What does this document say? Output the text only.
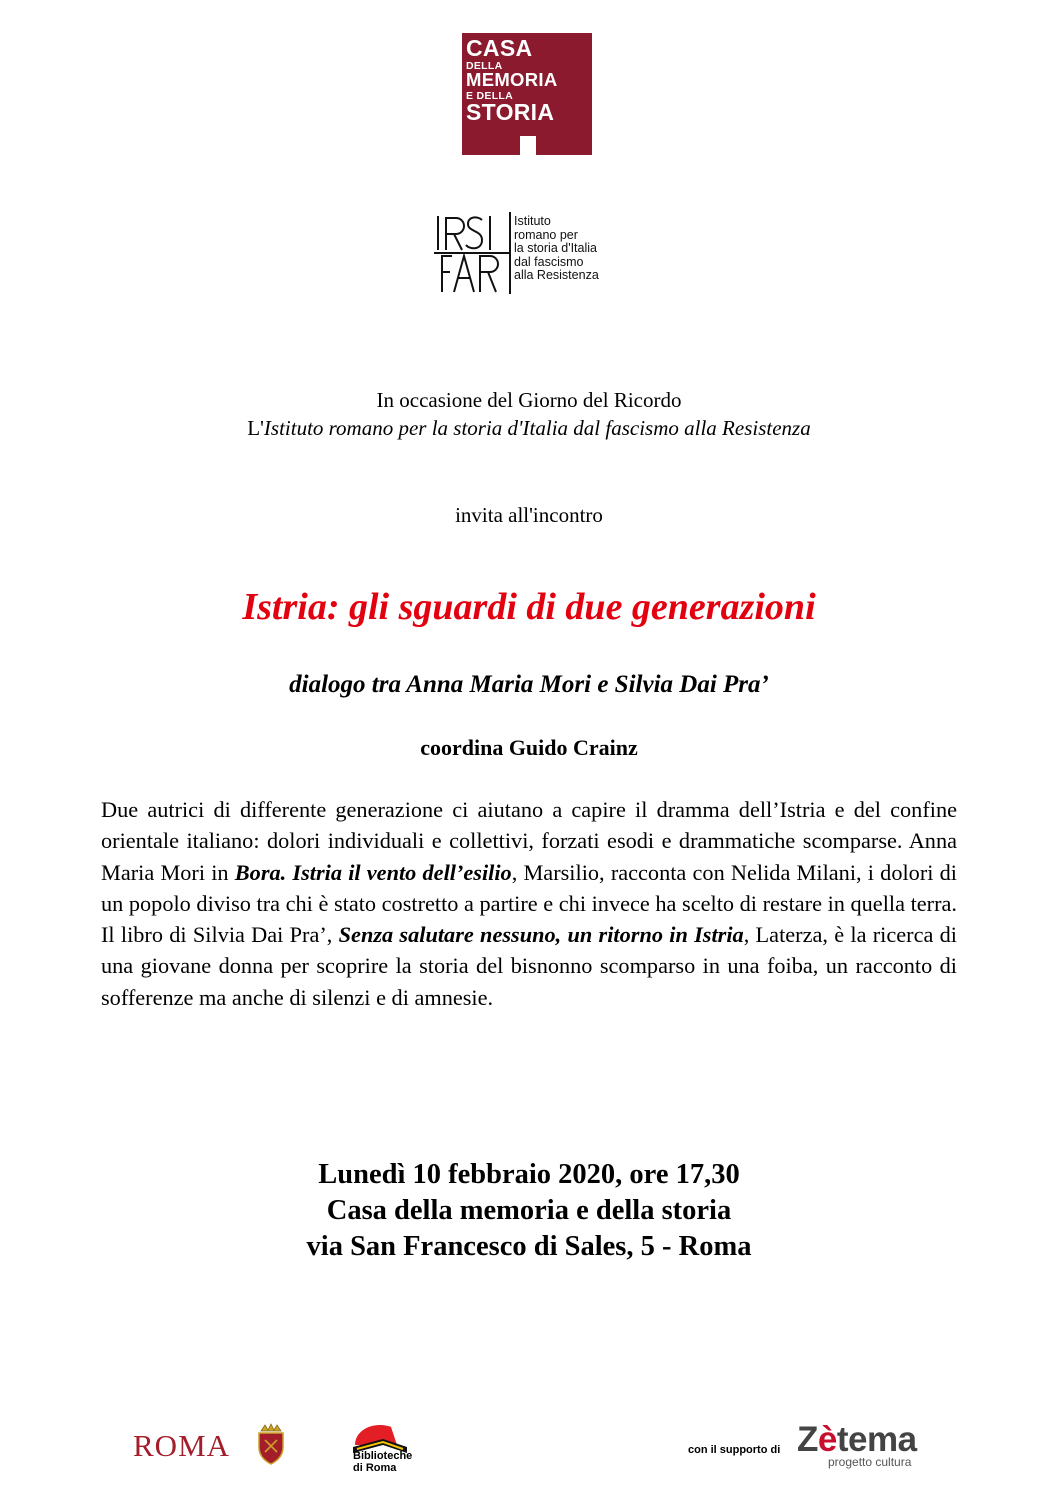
CASA
DELLA
MEMORIA
E DELLA
STORIA
Istituto
romano per
la storia d'Italia
dal fascismo
alla Resistenza
In occasione del Giorno del Ricordo
L'Istituto romano per la storia d'Italia dal fascismo alla Resistenza
invita all'incontro
Istria: gli sguardi di due generazioni
dialogo tra Anna Maria Mori e Silvia Dai Pra’
coordina Guido Crainz
Due autrici di differente generazione ci aiutano a capire il dramma dell’Istria e del confine orientale italiano: dolori individuali e collettivi, forzati esodi e drammatiche scomparse. Anna Maria Mori in Bora. Istria il vento dell’esilio, Marsilio, racconta con Nelida Milani, i dolori di un popolo diviso tra chi è stato costretto a partire e chi invece ha scelto di restare in quella terra. Il libro di Silvia Dai Pra’, Senza salutare nessuno, un ritorno in Istria, Laterza, è la ricerca di una giovane donna per scoprire la storia del bisnonno scomparso in una foiba, un racconto di sofferenze ma anche di silenzi e di amnesie.
Lunedì 10 febbraio 2020, ore 17,30
Casa della memoria e della storia
via San Francesco di Sales, 5 - Roma
ROMA	Biblioteche
di Roma
con il supporto di Zètema
progetto cultura
